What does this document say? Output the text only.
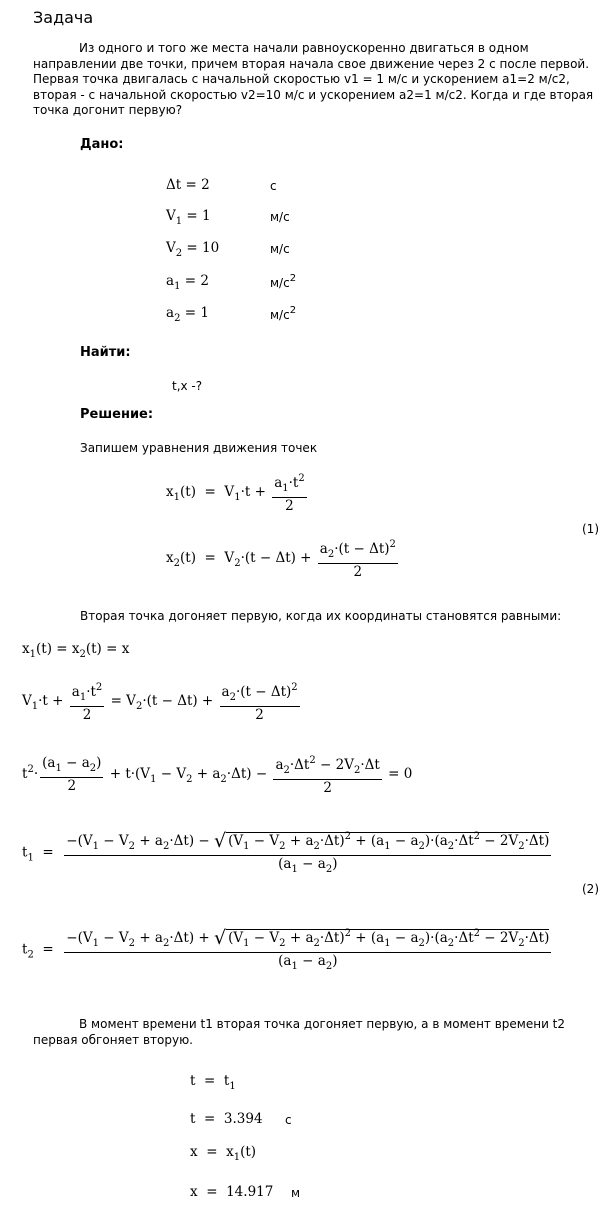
Задача
Из одного и того же места начали равноускоренно двигаться в одном направлении две точки, причем вторая начала свое движение через 2 с после первой. Первая точка двигалась с начальной скоростью v1 = 1 м/с и ускорением a1=2 м/с2, вторая - с начальной скоростью v2=10 м/с и ускорением a2=1 м/с2. Когда и где вторая точка догонит первую?
Дано:
Δt = 2	с
$V_1 = 1$	м/с
$V_2 = 10$	м/с
$a_1 = 2$	$м/с^2$
$a_2 = 1$	$м/с^2$
Найти:
t,x -?
Решение:
Запишем уравнения движения точек
$x_1(t) = V_1\cdot t + \frac{a_1\cdot t^2}{2}$
(1)
$x_2(t) = V_2\cdot(t - \Delta t) + \frac{a_2\cdot(t - \Delta t)^2}{2}$
Вторая точка догоняет первую, когда их координаты становятся равными:
$x_1(t) = x_2(t) = x$
$V_1\cdot t + \frac{a_1\cdot t^2}{2} = V_2\cdot(t - \Delta t) + \frac{a_2\cdot(t - \Delta t)^2}{2}$
$t^2\cdot \frac{(a_1 - a_2)}{2} + t\cdot(V_1 - V_2 + a_2\cdot\Delta t) - \frac{a_2\cdot\Delta t^2 - 2V_2\cdot\Delta t}{2} = 0$
$t_1$  =
$-(V_1 - V_2 + a_2\cdot\Delta t)$ − √ $(V_1 - V_2 + a_2\cdot\Delta t)^2 + (a_1 - a_2)\cdot(a_2\cdot\Delta t^2 - 2V_2\cdot\Delta t)$
$(a_1 - a_2)$
(2)
$t_2$  =
$-(V_1 - V_2 + a_2\cdot\Delta t)$ + √ $(V_1 - V_2 + a_2\cdot\Delta t)^2 + (a_1 - a_2)\cdot(a_2\cdot\Delta t^2 - 2V_2\cdot\Delta t)$
$(a_1 - a_2)$
В момент времени t1 вторая точка догоняет первую, а в момент времени t2 первая обгоняет вторую.
$t = t_1$
t  =  3.394 с
$x = x_1(t)$
x  =  14.917 м
